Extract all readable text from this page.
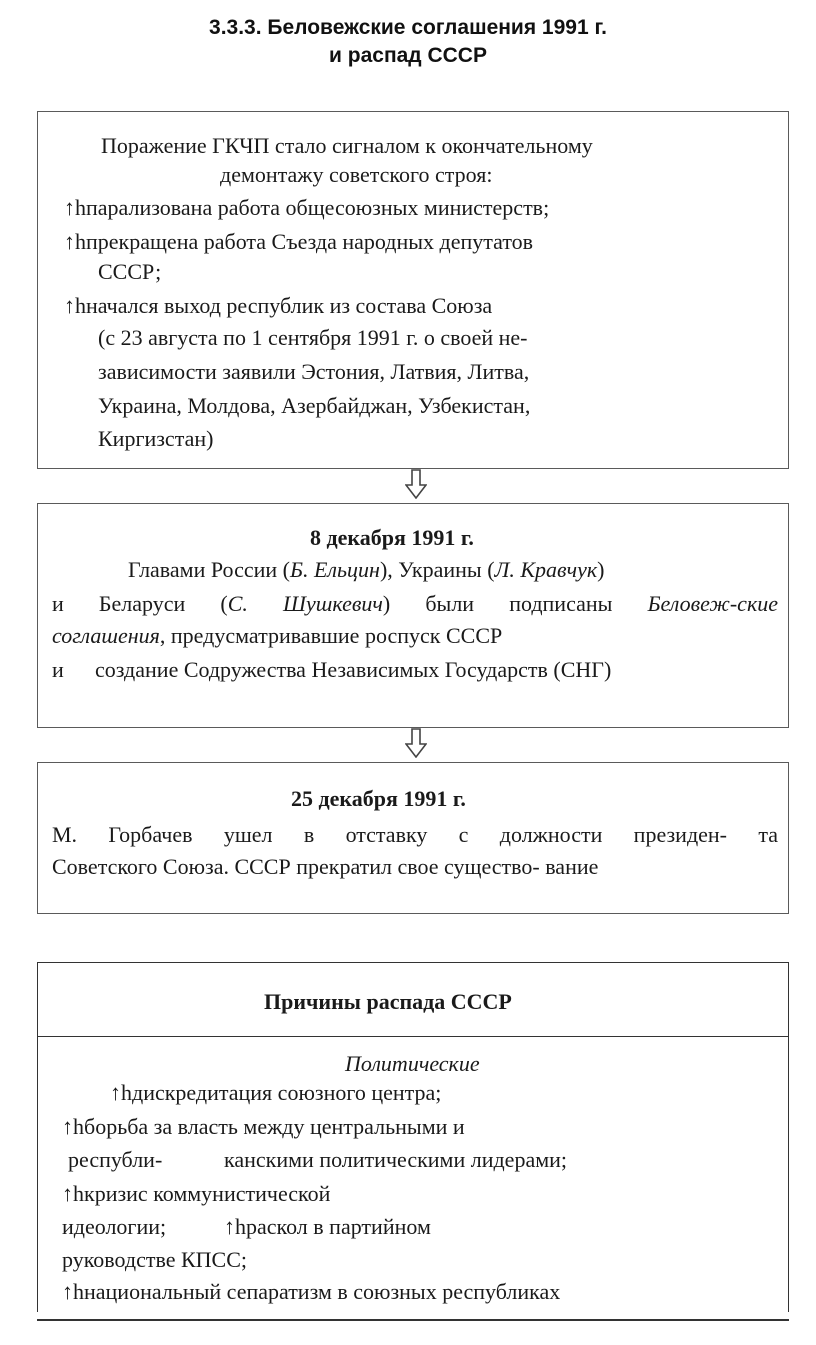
3.3.3. Беловежские соглашения 1991 г.
и распад СССР
Поражение ГКЧП стало сигналом к окончательному
демонтажу советского строя:
↑hпарализована работа общесоюзных министерств;
↑hпрекращена работа Съезда народных депутатов
СССР;
↑hначался выход республик из состава Союза
(с 23 августа по 1 сентября 1991 г. о своей не-
зависимости заявили Эстония, Латвия, Литва,
Украина, Молдова, Азербайджан, Узбекистан,
Киргизстан)
8 декабря 1991 г.
Главами России (Б. Ельцин), Украины (Л. Кравчук)
и Беларуси (С. Шушкевич) были подписаны Беловеж-ские
соглашения, предусматривавшие роспуск СССР
и создание Содружества Независимых Государств (СНГ)
25 декабря 1991 г.
М. Горбачев ушел в отставку с должности президен- та
Советского Союза. СССР прекратил свое существо- вание
Причины распада СССР
Политические
↑hдискредитация союзного центра;
↑hборьба за власть между центральными и
республи-	канскими политическими лидерами;
↑hкризис коммунистической
идеологии;	↑hраскол в партийном
руководстве КПСС;
↑hнациональный сепаратизм в союзных республиках
